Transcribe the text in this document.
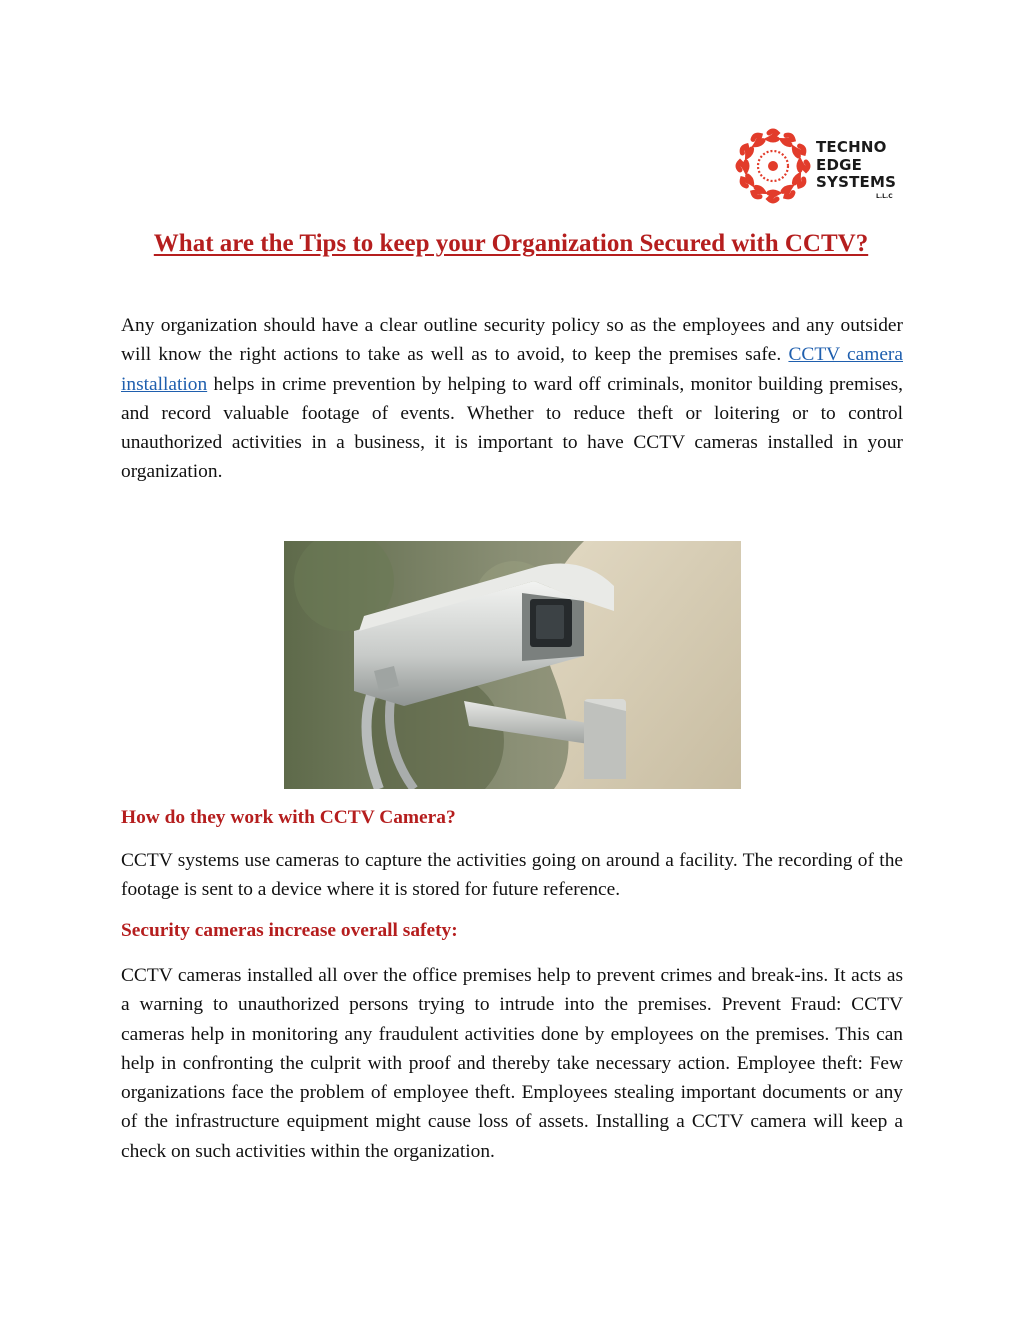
TECHNO
EDGE
SYSTEMS
L.L.C
What are the Tips to keep your Organization Secured with CCTV?

Any organization should have a clear outline security policy so as the employees and any outsider will know the right actions to take as well as to avoid, to keep the premises safe. CCTV camera installation helps in crime prevention by helping to ward off criminals, monitor building premises, and record valuable footage of events. Whether to reduce theft or loitering or to control unauthorized activities in a business, it is important to have CCTV cameras installed in your organization.

How do they work with CCTV Camera?

CCTV systems use cameras to capture the activities going on around a facility. The recording of the footage is sent to a device where it is stored for future reference.

Security cameras increase overall safety:

CCTV cameras installed all over the office premises help to prevent crimes and break-ins. It acts as a warning to unauthorized persons trying to intrude into the premises. Prevent Fraud: CCTV cameras help in monitoring any fraudulent activities done by employees on the premises. This can help in confronting the culprit with proof and thereby take necessary action. Employee theft: Few organizations face the problem of employee theft. Employees stealing important documents or any of the infrastructure equipment might cause loss of assets. Installing a CCTV camera will keep a check on such activities within the organization.
